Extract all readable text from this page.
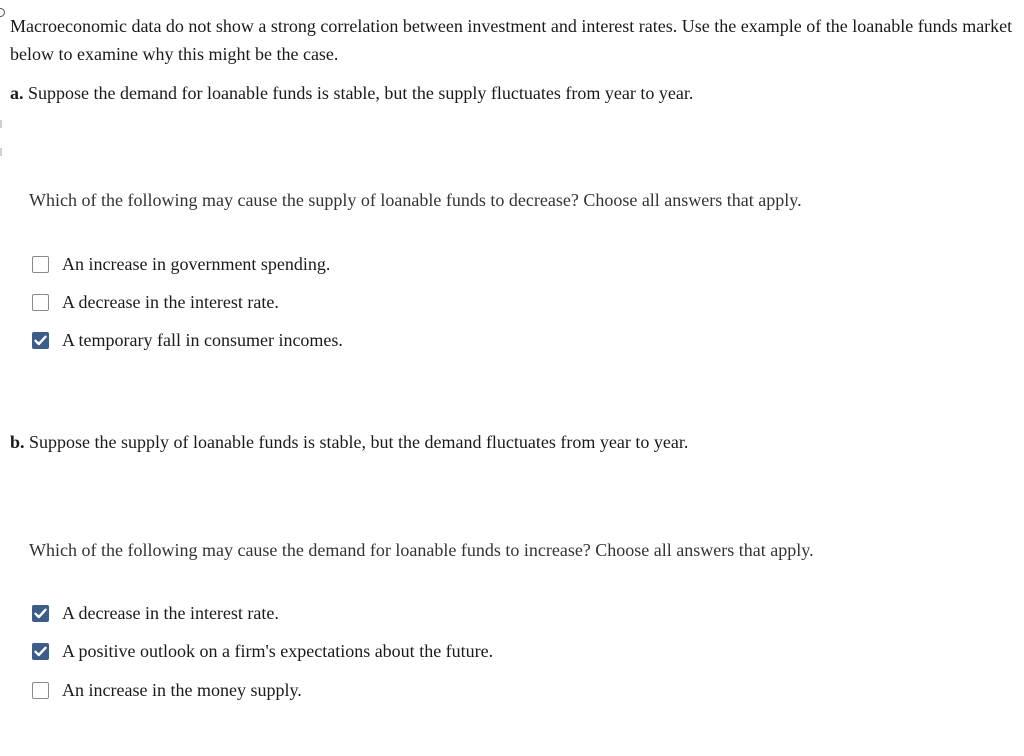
Macroeconomic data do not show a strong correlation between investment and interest rates. Use the example of the loanable funds market below to examine why this might be the case.
a. Suppose the demand for loanable funds is stable, but the supply fluctuates from year to year.
Which of the following may cause the supply of loanable funds to decrease? Choose all answers that apply.
An increase in government spending.
A decrease in the interest rate.
A temporary fall in consumer incomes.
b. Suppose the supply of loanable funds is stable, but the demand fluctuates from year to year.
Which of the following may cause the demand for loanable funds to increase? Choose all answers that apply.
A decrease in the interest rate.
A positive outlook on a firm's expectations about the future.
An increase in the money supply.
